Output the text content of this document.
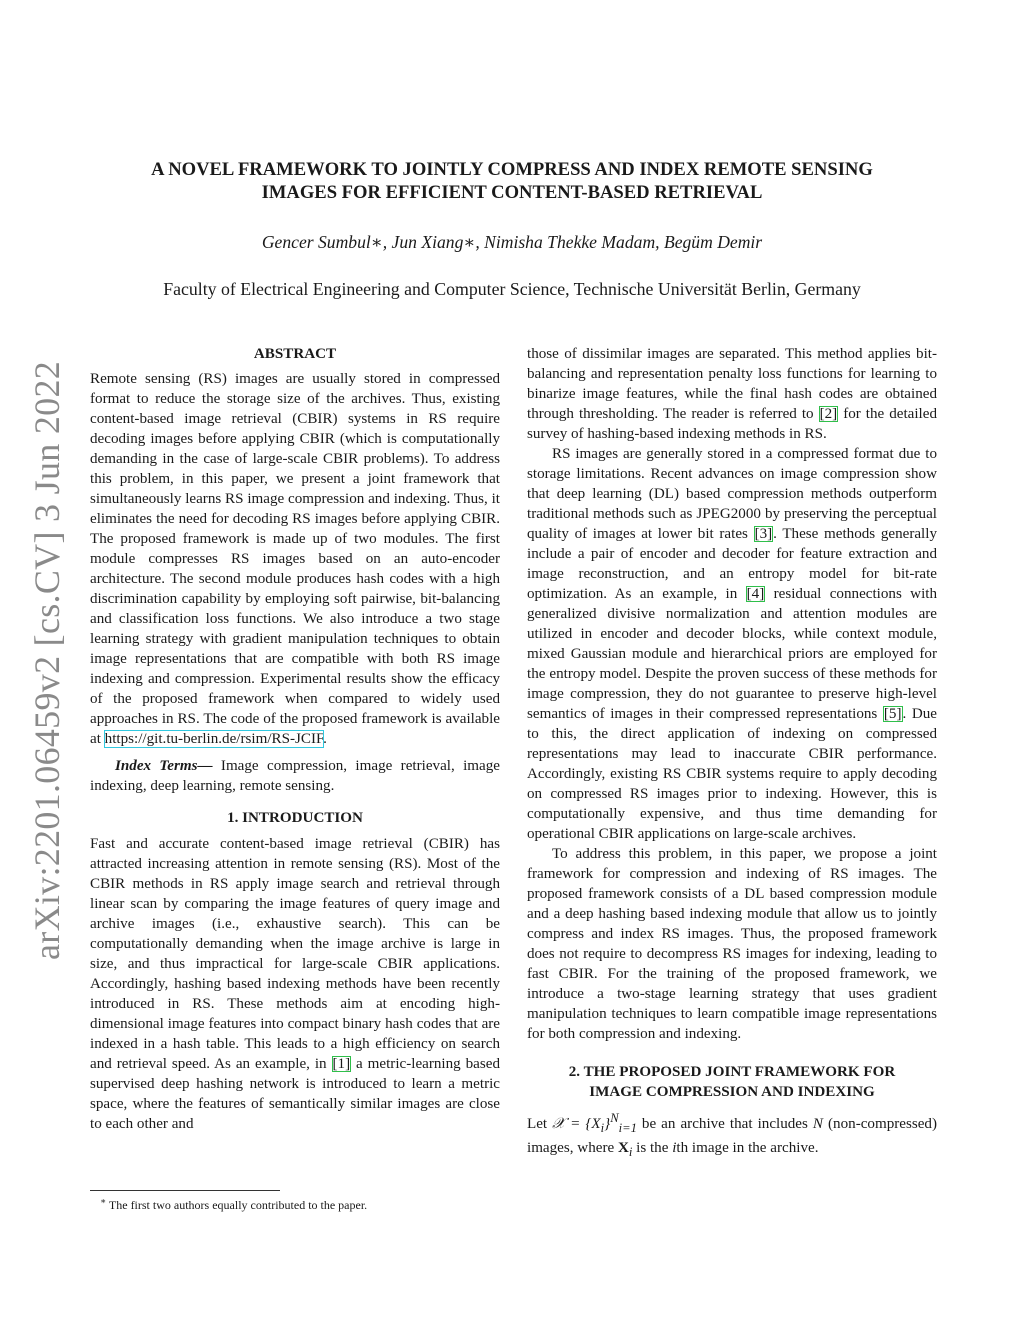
arXiv:2201.06459v2 [cs.CV] 3 Jun 2022
A NOVEL FRAMEWORK TO JOINTLY COMPRESS AND INDEX REMOTE SENSING
IMAGES FOR EFFICIENT CONTENT-BASED RETRIEVAL
Gencer Sumbul∗, Jun Xiang∗, Nimisha Thekke Madam, Begüm Demir
Faculty of Electrical Engineering and Computer Science, Technische Universität Berlin, Germany

ABSTRACT

Remote sensing (RS) images are usually stored in compressed format to reduce the storage size of the archives. Thus, existing content-based image retrieval (CBIR) systems in RS require decoding images before applying CBIR (which is computationally demanding in the case of large-scale CBIR problems). To address this problem, in this paper, we present a joint framework that simultaneously learns RS image compression and indexing. Thus, it eliminates the need for decoding RS images before applying CBIR. The proposed framework is made up of two modules. The first module compresses RS images based on an auto-encoder architecture. The second module produces hash codes with a high discrimination capability by employing soft pairwise, bit-balancing and classification loss functions. We also introduce a two stage learning strategy with gradient manipulation techniques to obtain image representations that are compatible with both RS image indexing and compression. Experimental results show the efficacy of the proposed framework when compared to widely used approaches in RS. The code of the proposed framework is available at https://git.tu-berlin.de/rsim/RS-JCIF.

Index Terms— Image compression, image retrieval, image indexing, deep learning, remote sensing.

1. INTRODUCTION

Fast and accurate content-based image retrieval (CBIR) has attracted increasing attention in remote sensing (RS). Most of the CBIR methods in RS apply image search and retrieval through linear scan by comparing the image features of query image and archive images (i.e., exhaustive search). This can be computationally demanding when the image archive is large in size, and thus impractical for large-scale CBIR applications. Accordingly, hashing based indexing methods have been recently introduced in RS. These methods aim at encoding high-dimensional image features into compact binary hash codes that are indexed in a hash table. This leads to a high efficiency on search and retrieval speed. As an example, in [1] a metric-learning based supervised deep hashing network is introduced to learn a metric space, where the features of semantically similar images are close to each other and

∗ The first two authors equally contributed to the paper.

those of dissimilar images are separated. This method applies bit-balancing and representation penalty loss functions for learning to binarize image features, while the final hash codes are obtained through thresholding. The reader is referred to [2] for the detailed survey of hashing-based indexing methods in RS.

RS images are generally stored in a compressed format due to storage limitations. Recent advances on image compression show that deep learning (DL) based compression methods outperform traditional methods such as JPEG2000 by preserving the perceptual quality of images at lower bit rates [3]. These methods generally include a pair of encoder and decoder for feature extraction and image reconstruction, and an entropy model for bit-rate optimization. As an example, in [4] residual connections with generalized divisive normalization and attention modules are utilized in encoder and decoder blocks, while context module, mixed Gaussian module and hierarchical priors are employed for the entropy model. Despite the proven success of these methods for image compression, they do not guarantee to preserve high-level semantics of images in their compressed representations [5]. Due to this, the direct application of indexing on compressed representations may lead to inaccurate CBIR performance. Accordingly, existing RS CBIR systems require to apply decoding on compressed RS images prior to indexing. However, this is computationally expensive, and thus time demanding for operational CBIR applications on large-scale archives.

To address this problem, in this paper, we propose a joint framework for compression and indexing of RS images. The proposed framework consists of a DL based compression module and a deep hashing based indexing module that allow us to jointly compress and index RS images. Thus, the proposed framework does not require to decompress RS images for indexing, leading to fast CBIR. For the training of the proposed framework, we introduce a two-stage learning strategy that uses gradient manipulation techniques to learn compatible image representations for both compression and indexing.

2. THE PROPOSED JOINT FRAMEWORK FOR
IMAGE COMPRESSION AND INDEXING

Let 𝒳 = $\{X_i\}^N_{i=1}$ be an archive that includes N (non-compressed) images, where $X_i$ is the ith image in the archive.
